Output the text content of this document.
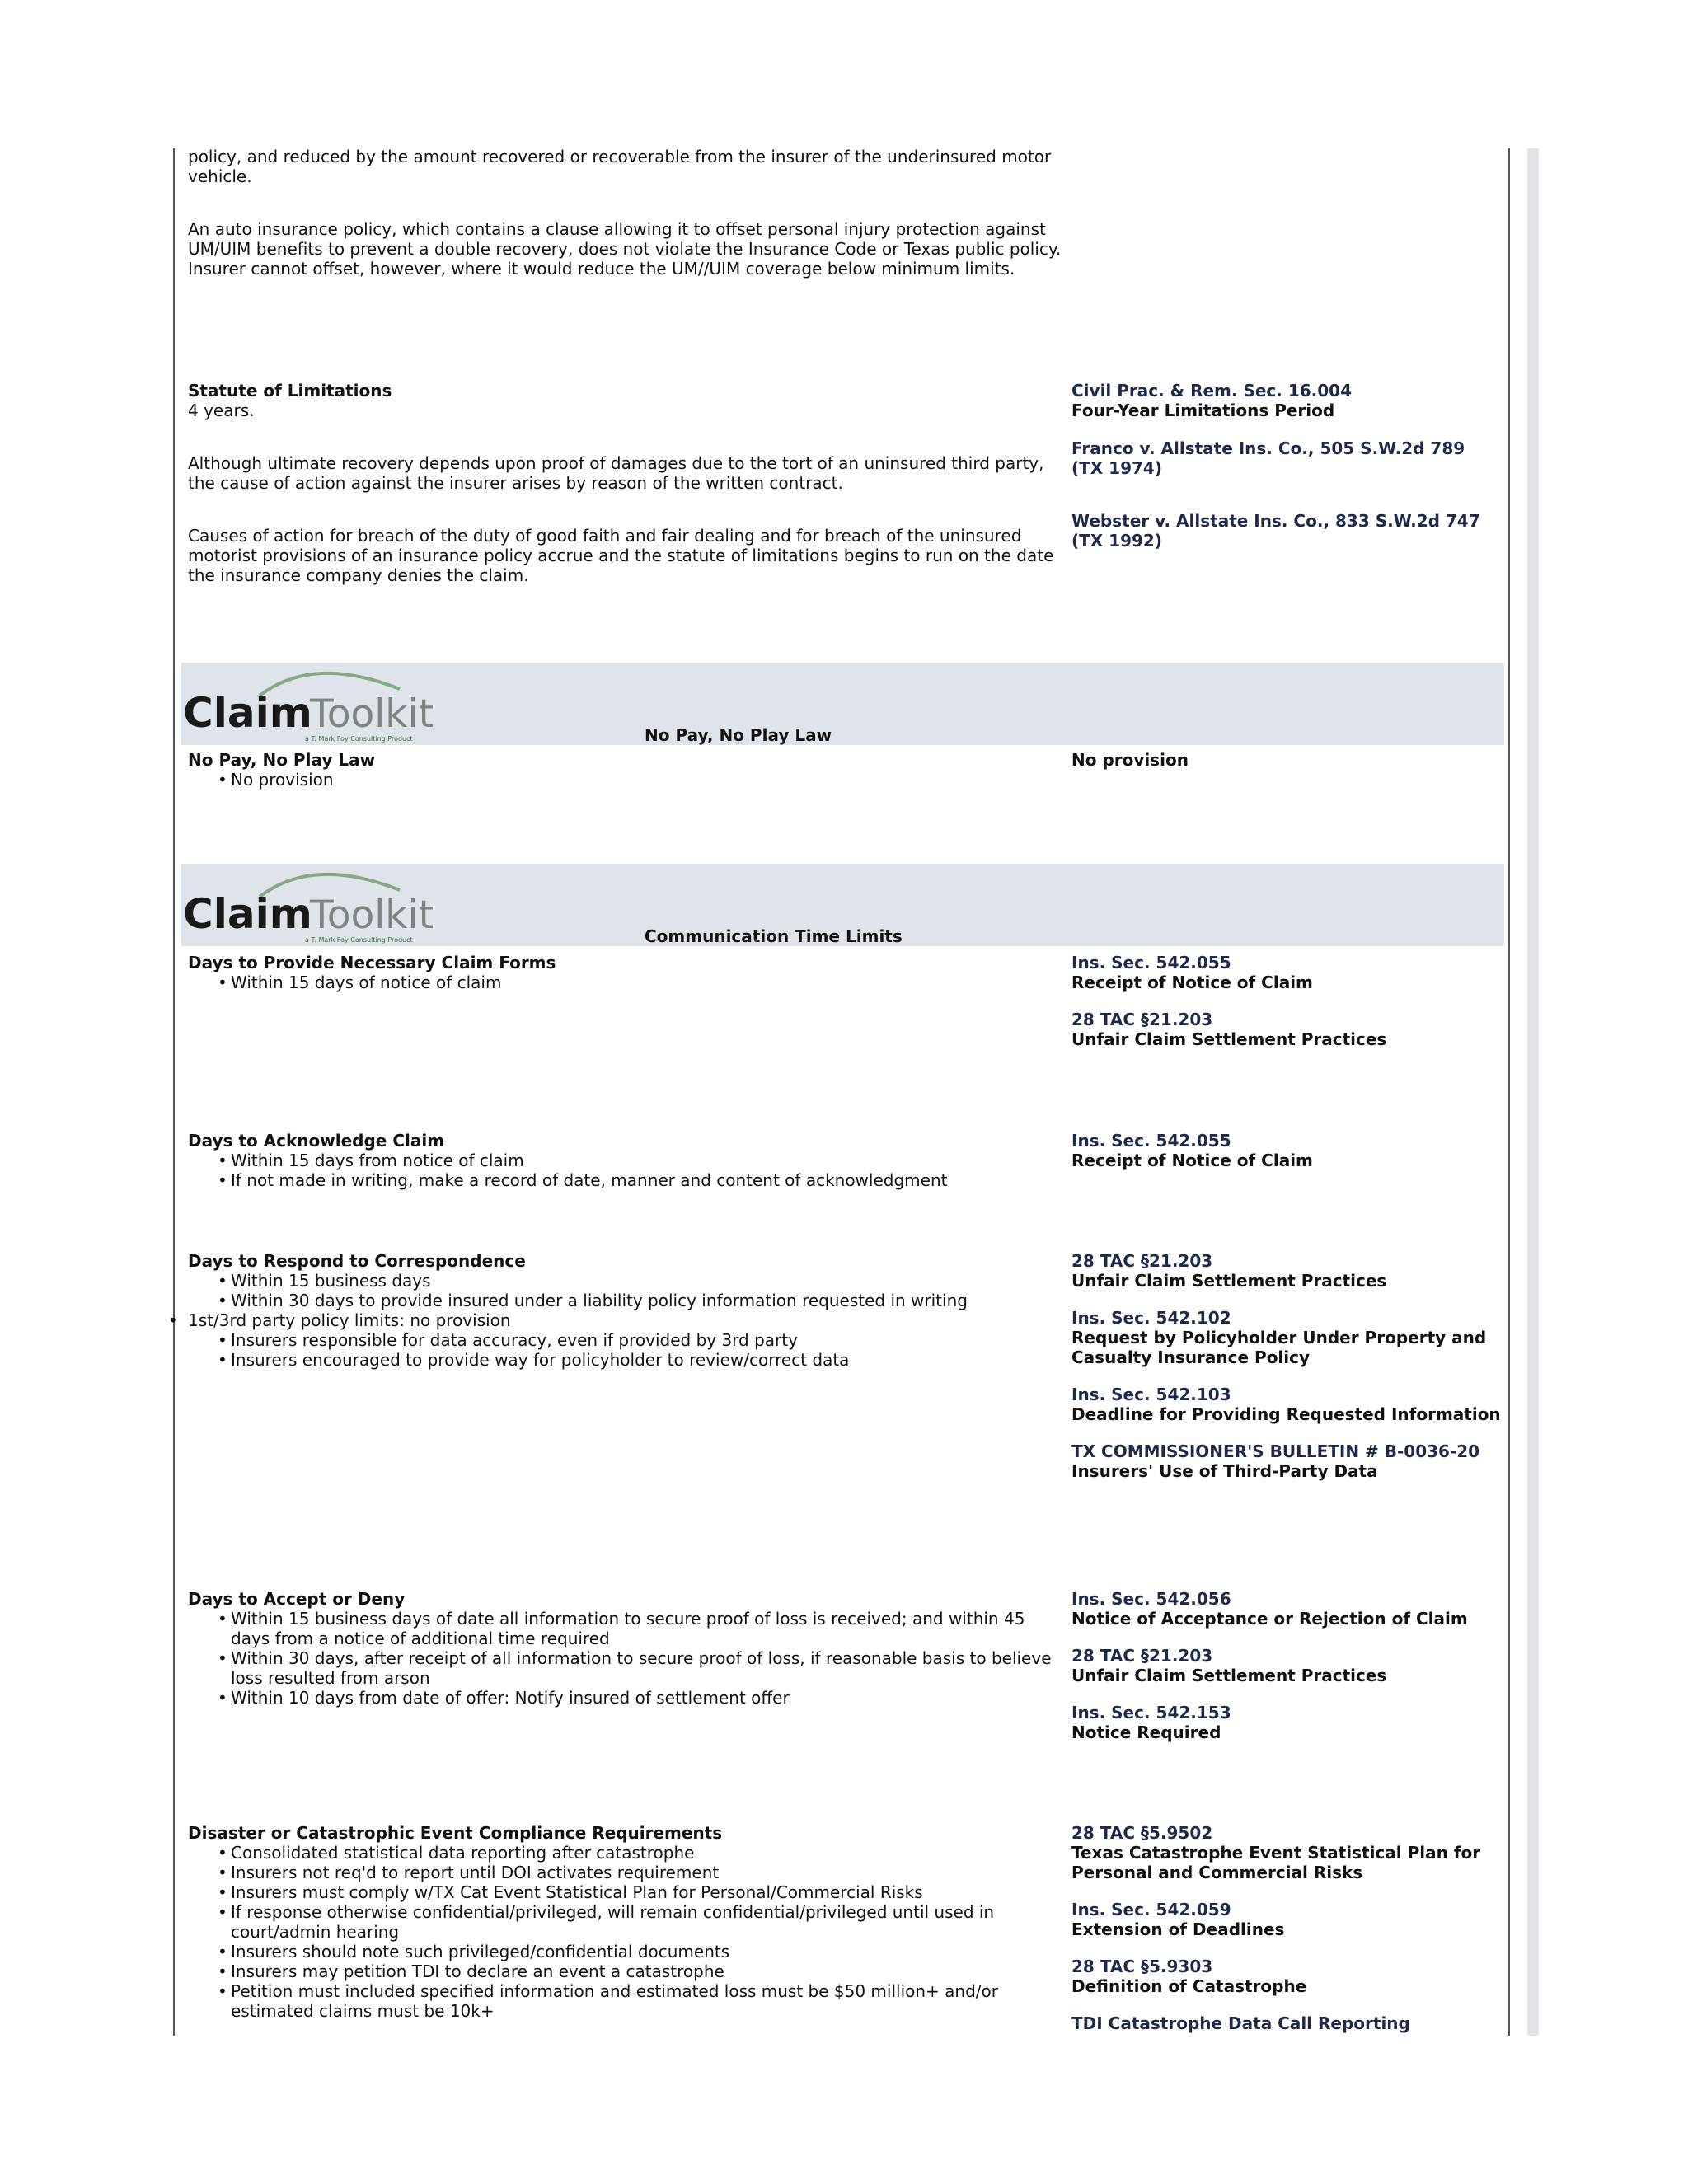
policy, and reduced by the amount recovered or recoverable from the insurer of the underinsured motor vehicle.

An auto insurance policy, which contains a clause allowing it to offset personal injury protection against UM/UIM benefits to prevent a double recovery, does not violate the Insurance Code or Texas public policy. Insurer cannot offset, however, where it would reduce the UM//UIM coverage below minimum limits.

Statute of Limitations

4 years.

Although ultimate recovery depends upon proof of damages due to the tort of an uninsured third party, the cause of action against the insurer arises by reason of the written contract.

Causes of action for breach of the duty of good faith and fair dealing and for breach of the uninsured motorist provisions of an insurance policy accrue and the statute of limitations begins to run on the date the insurance company denies the claim.

Civil Prac. & Rem. Sec. 16.004
Four-Year Limitations Period
Franco v. Allstate Ins. Co., 505 S.W.2d 789 (TX 1974)
Webster v. Allstate Ins. Co., 833 S.W.2d 747 (TX 1992)
Claim
Toolkit
a T. Mark Foy Consulting Product	No Pay, No Play Law

No Pay, No Play Law

• No provision
No provision
Claim
Toolkit
a T. Mark Foy Consulting Product	Communication Time Limits

Days to Provide Necessary Claim Forms

• Within 15 days of notice of claim
Ins. Sec. 542.055
Receipt of Notice of Claim
28 TAC §21.203
Unfair Claim Settlement Practices

Days to Acknowledge Claim

• Within 15 days from notice of claim
• If not made in writing, make a record of date, manner and content of acknowledgment
Ins. Sec. 542.055
Receipt of Notice of Claim

Days to Respond to Correspondence

• Within 15 business days
• Within 30 days to provide insured under a liability policy information requested in writing
• 1st/3rd party policy limits: no provision
• Insurers responsible for data accuracy, even if provided by 3rd party
• Insurers encouraged to provide way for policyholder to review/correct data
28 TAC §21.203
Unfair Claim Settlement Practices
Ins. Sec. 542.102
Request by Policyholder Under Property and Casualty Insurance Policy
Ins. Sec. 542.103
Deadline for Providing Requested Information
TX COMMISSIONER'S BULLETIN # B-0036-20
Insurers' Use of Third-Party Data

Days to Accept or Deny

• Within 15 business days of date all information to secure proof of loss is received; and within 45 days from a notice of additional time required
• Within 30 days, after receipt of all information to secure proof of loss, if reasonable basis to believe loss resulted from arson
• Within 10 days from date of offer: Notify insured of settlement offer
Ins. Sec. 542.056
Notice of Acceptance or Rejection of Claim
28 TAC §21.203
Unfair Claim Settlement Practices
Ins. Sec. 542.153
Notice Required

Disaster or Catastrophic Event Compliance Requirements

• Consolidated statistical data reporting after catastrophe
• Insurers not req'd to report until DOI activates requirement
• Insurers must comply w/TX Cat Event Statistical Plan for Personal/Commercial Risks
• If response otherwise confidential/privileged, will remain confidential/privileged until used in court/admin hearing
• Insurers should note such privileged/confidential documents
• Insurers may petition TDI to declare an event a catastrophe
• Petition must included specified information and estimated loss must be $50 million+ and/or estimated claims must be 10k+
28 TAC §5.9502
Texas Catastrophe Event Statistical Plan for Personal and Commercial Risks
Ins. Sec. 542.059
Extension of Deadlines
28 TAC §5.9303
Definition of Catastrophe
TDI Catastrophe Data Call Reporting
